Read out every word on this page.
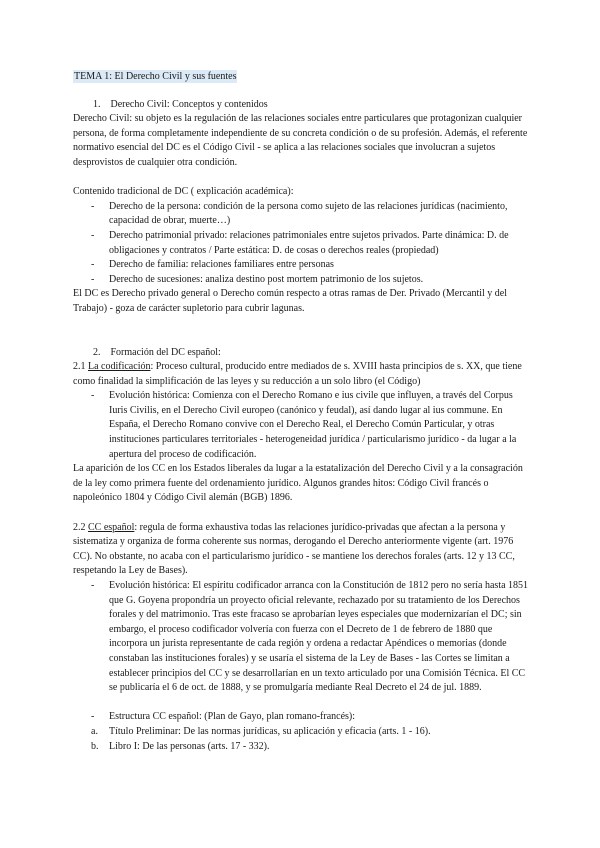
TEMA 1: El Derecho Civil y sus fuentes

1. Derecho Civil: Conceptos y contenidos

Derecho Civil: su objeto es la regulación de las relaciones sociales entre particulares que protagonizan cualquier persona, de forma completamente independiente de su concreta condición o de su profesión. Además, el referente normativo esencial del DC es el Código Civil - se aplica a las relaciones sociales que involucran a sujetos desprovistos de cualquier otra condición.

Contenido tradicional de DC ( explicación académica):

- Derecho de la persona: condición de la persona como sujeto de las relaciones jurídicas (nacimiento, capacidad de obrar, muerte…)
- Derecho patrimonial privado: relaciones patrimoniales entre sujetos privados. Parte dinámica: D. de obligaciones y contratos / Parte estática: D. de cosas o derechos reales (propiedad)
- Derecho de familia: relaciones familiares entre personas
- Derecho de sucesiones: analiza destino post mortem patrimonio de los sujetos.

El DC es Derecho privado general o Derecho común respecto a otras ramas de Der. Privado (Mercantil y del Trabajo) - goza de carácter supletorio para cubrir lagunas.

2. Formación del DC español:

2.1 La codificación: Proceso cultural, producido entre mediados de s. XVIII hasta principios de s. XX, que tiene como finalidad la simplificación de las leyes y su reducción a un solo libro (el Código)

- Evolución histórica: Comienza con el Derecho Romano e ius civile que influyen, a través del Corpus Iuris Civilis, en el Derecho Civil europeo (canónico y feudal), así dando lugar al ius commune. En España, el Derecho Romano convive con el Derecho Real, el Derecho Común Particular, y otras instituciones particulares territoriales - heterogeneidad jurídica / particularismo jurídico - da lugar a la apertura del proceso de codificación.

La aparición de los CC en los Estados liberales da lugar a la estatalización del Derecho Civil y a la consagración de la ley como primera fuente del ordenamiento jurídico. Algunos grandes hitos: Código Civil francés o napoleónico 1804 y Código Civil alemán (BGB) 1896.

2.2 CC español: regula de forma exhaustiva todas las relaciones jurídico-privadas que afectan a la persona y sistematiza y organiza de forma coherente sus normas, derogando el Derecho anteriormente vigente (art. 1976 CC). No obstante, no acaba con el particularismo jurídico - se mantiene los derechos forales (arts. 12 y 13 CC, respetando la Ley de Bases).

- Evolución histórica: El espíritu codificador arranca con la Constitución de 1812 pero no sería hasta 1851 que G. Goyena propondría un proyecto oficial relevante, rechazado por su tratamiento de los Derechos forales y del matrimonio. Tras este fracaso se aprobarían leyes especiales que modernizarían el DC; sin embargo, el proceso codificador volvería con fuerza con el Decreto de 1 de febrero de 1880 que incorpora un jurista representante de cada región y ordena a redactar Apéndices o memorias (donde constaban las instituciones forales) y se usaría el sistema de la Ley de Bases - las Cortes se limitan a establecer principios del CC y se desarrollarían en un texto articulado por una Comisión Técnica. El CC se publicaría el 6 de oct. de 1888, y se promulgaría mediante Real Decreto el 24 de jul. 1889.
- Estructura CC español: (Plan de Gayo, plan romano-francés):
a. Título Preliminar: De las normas jurídicas, su aplicación y eficacia (arts. 1 - 16).
b. Libro I: De las personas (arts. 17 - 332).
